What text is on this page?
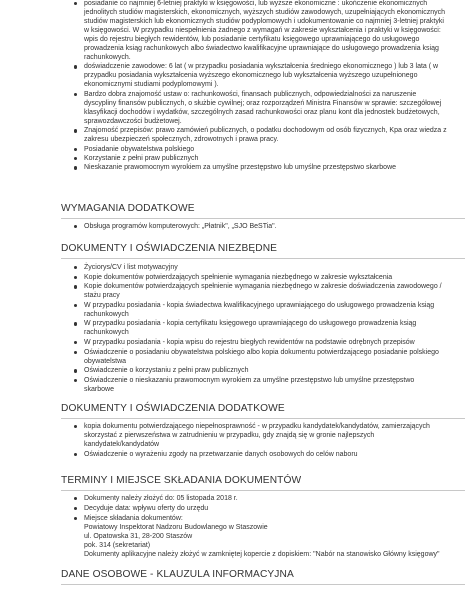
posiadanie co najmniej 6-letniej praktyki w księgowości, lub wyższe ekonomiczne : ukończenie ekonomicznych jednolitych studiów magisterskich, ekonomicznych, wyższych studiów zawodowych, uzupełniających ekonomicznych studiów magisterskich lub ekonomicznych studiów podyplomowych i udokumentowanie co najmniej 3-letniej praktyki w księgowości. W przypadku niespełnienia żadnego z wymagań w zakresie wykształcenia i praktyki w księgowości: wpis do rejestru biegłych rewidentów, lub posiadanie certyfikatu księgowego uprawniającego do usługowego prowadzenia ksiąg rachunkowych albo świadectwo kwalifikacyjne uprawniające do usługowego prowadzenia ksiąg rachunkowych.
doświadczenie zawodowe: 6 lat ( w przypadku posiadania wykształcenia średniego ekonomicznego ) lub 3 lata ( w przypadku posiadania wykształcenia wyższego ekonomicznego lub wykształcenia wyższego uzupełnionego ekonomicznymi studiami podyplomowymi ).
Bardzo dobra znajomość ustaw o: rachunkowości, finansach publicznych, odpowiedzialności za naruszenie dyscypliny finansów publicznych, o służbie cywilnej; oraz rozporządzeń Ministra Finansów w sprawie: szczegółowej klasyfikacji dochodów i wydatków, szczególnych zasad rachunkowości oraz planu kont dla jednostek budżetowych, sprawozdawczości budżetowej.
Znajomość przepisów: prawo zamówień publicznych, o podatku dochodowym od osób fizycznych, Kpa oraz wiedza z zakresu ubezpieczeń społecznych, zdrowotnych i prawa pracy.
Posiadanie obywatelstwa polskiego
Korzystanie z pełni praw publicznych
Nieskazanie prawomocnym wyrokiem za umyślne przestępstwo lub umyślne przestępstwo skarbowe
WYMAGANIA DODATKOWE
Obsługa programów komputerowych: „Płatnik", „SJO BeSTia".
DOKUMENTY I OŚWIADCZENIA NIEZBĘDNE
Życiorys/CV i list motywacyjny
Kopie dokumentów potwierdzających spełnienie wymagania niezbędnego w zakresie wykształcenia
Kopie dokumentów potwierdzających spełnienie wymagania niezbędnego w zakresie doświadczenia zawodowego / stażu pracy
W przypadku posiadania - kopia świadectwa kwalifikacyjnego uprawniającego do usługowego prowadzenia ksiąg rachunkowych
W przypadku posiadania - kopia certyfikatu księgowego uprawniającego do usługowego prowadzenia ksiąg rachunkowych
W przypadku posiadania - kopia wpisu do rejestru biegłych rewidentów na podstawie odrębnych przepisów
Oświadczenie o posiadaniu obywatelstwa polskiego albo kopia dokumentu potwierdzającego posiadanie polskiego obywatelstwa
Oświadczenie o korzystaniu z pełni praw publicznych
Oświadczenie o nieskazaniu prawomocnym wyrokiem za umyślne przestępstwo lub umyślne przestępstwo skarbowe
DOKUMENTY I OŚWIADCZENIA DODATKOWE
kopia dokumentu potwierdzającego niepełnosprawność - w przypadku kandydatek/kandydatów, zamierzających skorzystać z pierwszeństwa w zatrudnieniu w przypadku, gdy znajdą się w gronie najlepszych kandydatek/kandydatów
Oświadczenie o wyrażeniu zgody na przetwarzanie danych osobowych do celów naboru
TERMINY I MIEJSCE SKŁADANIA DOKUMENTÓW
Dokumenty należy złożyć do: 05 listopada 2018 r.
Decyduje data: wpływu oferty do urzędu
Miejsce składania dokumentów:
Powiatowy Inspektorat Nadzoru Budowlanego w Staszowie
ul. Opatowska 31, 28-200 Staszów
pok. 314 (sekretariat)
Dokumenty aplikacyjne należy złożyć w zamkniętej kopercie z dopiskiem: "Nabór na stanowisko Główny księgowy"
DANE OSOBOWE - KLAUZULA INFORMACYJNA
